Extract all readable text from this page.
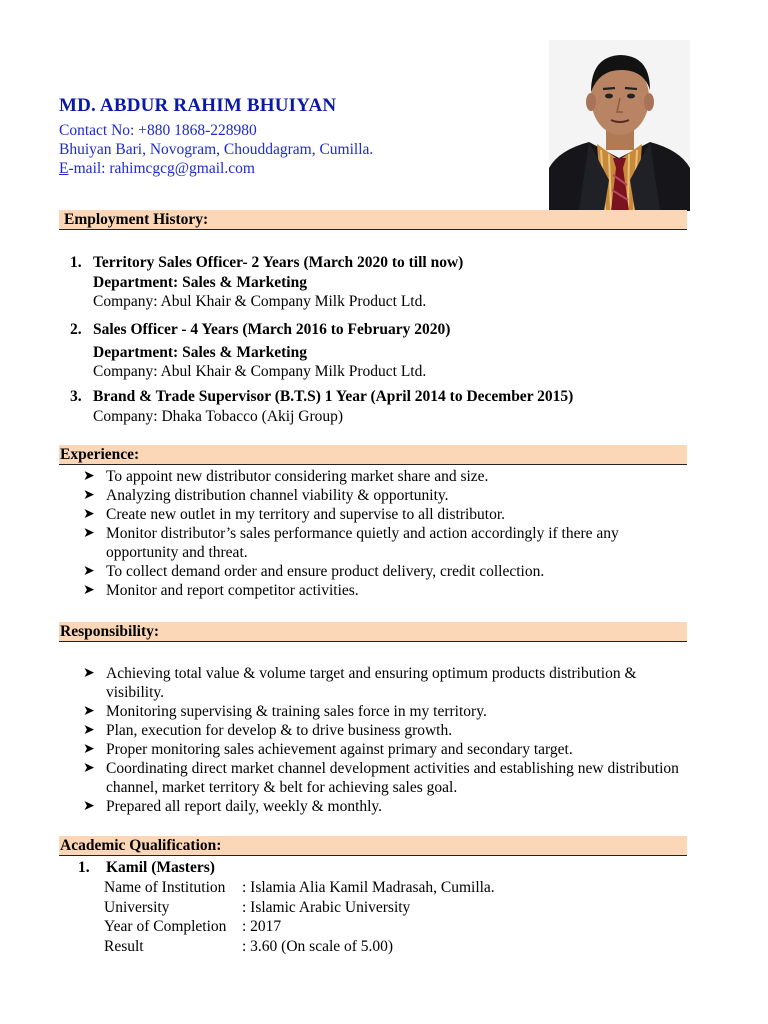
MD. ABDUR RAHIM BHUIYAN
Contact No: +880 1868-228980
Bhuiyan Bari, Novogram, Chouddagram, Cumilla.
E-mail: rahimcgcg@gmail.com
Employment History:
1. Territory Sales Officer- 2 Years (March 2020 to till now)
Department: Sales & Marketing
Company: Abul Khair & Company Milk Product Ltd.
2. Sales Officer - 4 Years (March 2016 to February 2020)
Department: Sales & Marketing
Company: Abul Khair & Company Milk Product Ltd.
3. Brand & Trade Supervisor (B.T.S) 1 Year (April 2014 to December 2015)
Company: Dhaka Tobacco (Akij Group)
Experience:
➤ To appoint new distributor considering market share and size.
➤ Analyzing distribution channel viability & opportunity.
➤ Create new outlet in my territory and supervise to all distributor.
➤ Monitor distributor’s sales performance quietly and action accordingly if there any opportunity and threat.
➤ To collect demand order and ensure product delivery, credit collection.
➤ Monitor and report competitor activities.
Responsibility:
➤ Achieving total value & volume target and ensuring optimum products distribution & visibility.
➤ Monitoring supervising & training sales force in my territory.
➤ Plan, execution for develop & to drive business growth.
➤ Proper monitoring sales achievement against primary and secondary target.
➤ Coordinating direct market channel development activities and establishing new distribution channel, market territory & belt for achieving sales goal.
➤ Prepared all report daily, weekly & monthly.
Academic Qualification:
1. Kamil (Masters)
Name of Institution	: Islamia Alia Kamil Madrasah, Cumilla.
University	: Islamic Arabic University
Year of Completion	: 2017
Result	: 3.60 (On scale of 5.00)
